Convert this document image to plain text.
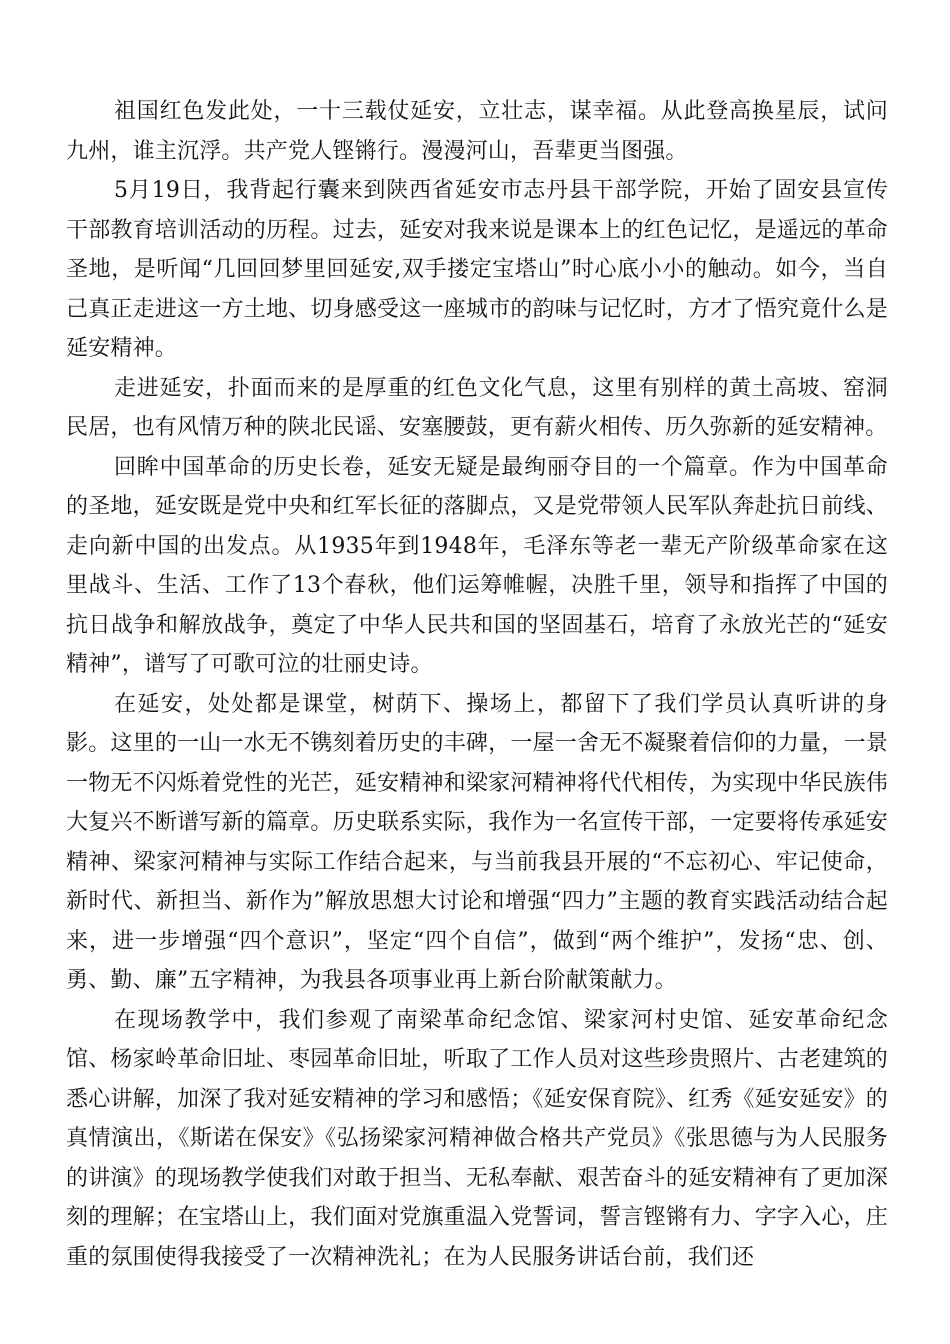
祖国红色发此处，一十三载仗延安，立壮志，谋幸福。从此登高换星辰，试问九州，谁主沉浮。共产党人铿锵行。漫漫河山，吾辈更当图强。

5月19日，我背起行囊来到陕西省延安市志丹县干部学院，开始了固安县宣传干部教育培训活动的历程。过去，延安对我来说是课本上的红色记忆，是遥远的革命圣地，是听闻“几回回梦里回延安,双手搂定宝塔山”时心底小小的触动。如今，当自己真正走进这一方土地、切身感受这一座城市的韵味与记忆时，方才了悟究竟什么是延安精神。

走进延安，扑面而来的是厚重的红色文化气息，这里有别样的黄土高坡、窑洞民居，也有风情万种的陕北民谣、安塞腰鼓，更有薪火相传、历久弥新的延安精神。

回眸中国革命的历史长卷，延安无疑是最绚丽夺目的一个篇章。作为中国革命的圣地，延安既是党中央和红军长征的落脚点，又是党带领人民军队奔赴抗日前线、走向新中国的出发点。从1935年到1948年，毛泽东等老一辈无产阶级革命家在这里战斗、生活、工作了13个春秋，他们运筹帷幄，决胜千里，领导和指挥了中国的抗日战争和解放战争，奠定了中华人民共和国的坚固基石，培育了永放光芒的“延安精神”，谱写了可歌可泣的壮丽史诗。

在延安，处处都是课堂，树荫下、操场上，都留下了我们学员认真听讲的身影。这里的一山一水无不镌刻着历史的丰碑，一屋一舍无不凝聚着信仰的力量，一景一物无不闪烁着党性的光芒，延安精神和梁家河精神将代代相传，为实现中华民族伟大复兴不断谱写新的篇章。历史联系实际，我作为一名宣传干部，一定要将传承延安精神、梁家河精神与实际工作结合起来，与当前我县开展的“不忘初心、牢记使命，新时代、新担当、新作为”解放思想大讨论和增强“四力”主题的教育实践活动结合起来，进一步增强“四个意识”，坚定“四个自信”，做到“两个维护”，发扬“忠、创、勇、勤、廉”五字精神，为我县各项事业再上新台阶献策献力。

在现场教学中，我们参观了南梁革命纪念馆、梁家河村史馆、延安革命纪念馆、杨家岭革命旧址、枣园革命旧址，听取了工作人员对这些珍贵照片、古老建筑的悉心讲解，加深了我对延安精神的学习和感悟；《延安保育院》、红秀《延安延安》的真情演出，《斯诺在保安》《弘扬梁家河精神做合格共产党员》《张思德与为人民服务的讲演》的现场教学使我们对敢于担当、无私奉献、艰苦奋斗的延安精神有了更加深刻的理解；在宝塔山上，我们面对党旗重温入党誓词，誓言铿锵有力、字字入心，庄重的氛围使得我接受了一次精神洗礼；在为人民服务讲话台前，我们还
